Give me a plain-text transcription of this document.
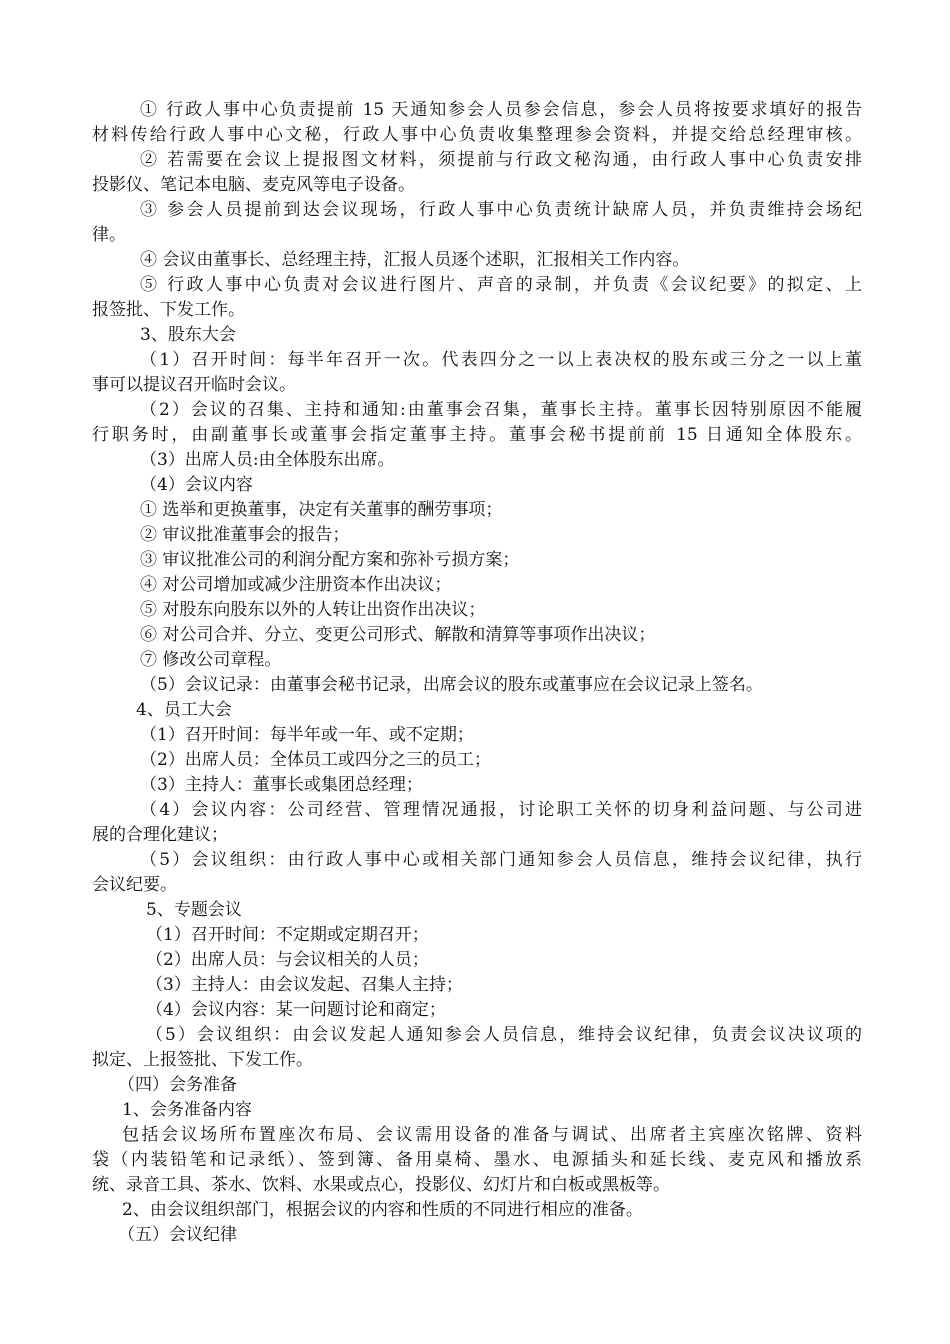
① 行政人事中心负责提前 15 天通知参会人员参会信息，参会人员将按要求填好的报告
材料传给行政人事中心文秘，行政人事中心负责收集整理参会资料，并提交给总经理审核。
② 若需要在会议上提报图文材料，须提前与行政文秘沟通，由行政人事中心负责安排
投影仪、笔记本电脑、麦克风等电子设备。
③ 参会人员提前到达会议现场，行政人事中心负责统计缺席人员，并负责维持会场纪
律。
④ 会议由董事长、总经理主持，汇报人员逐个述职，汇报相关工作内容。
⑤ 行政人事中心负责对会议进行图片、声音的录制，并负责《会议纪要》的拟定、上
报签批、下发工作。
3、股东大会
（1）召开时间：每半年召开一次。代表四分之一以上表决权的股东或三分之一以上董
事可以提议召开临时会议。
（2）会议的召集、主持和通知:由董事会召集，董事长主持。董事长因特别原因不能履
行职务时，由副董事长或董事会指定董事主持。董事会秘书提前前 15 日通知全体股东。
（3）出席人员:由全体股东出席。
（4）会议内容
① 选举和更换董事，决定有关董事的酬劳事项；
② 审议批准董事会的报告；
③ 审议批准公司的利润分配方案和弥补亏损方案；
④ 对公司增加或减少注册资本作出决议；
⑤ 对股东向股东以外的人转让出资作出决议；
⑥ 对公司合并、分立、变更公司形式、解散和清算等事项作出决议；
⑦ 修改公司章程。
（5）会议记录：由董事会秘书记录，出席会议的股东或董事应在会议记录上签名。
4、员工大会
（1）召开时间：每半年或一年、或不定期；
（2）出席人员：全体员工或四分之三的员工；
（3）主持人：董事长或集团总经理；
（4）会议内容：公司经营、管理情况通报，讨论职工关怀的切身利益问题、与公司进
展的合理化建议；
（5）会议组织：由行政人事中心或相关部门通知参会人员信息，维持会议纪律，执行
会议纪要。
5、专题会议
（1）召开时间：不定期或定期召开；
（2）出席人员：与会议相关的人员；
（3）主持人：由会议发起、召集人主持；
（4）会议内容：某一问题讨论和商定；
（5）会议组织：由会议发起人通知参会人员信息，维持会议纪律，负责会议决议项的
拟定、上报签批、下发工作。
（四）会务准备
1、会务准备内容
包括会议场所布置座次布局、会议需用设备的准备与调试、出席者主宾座次铭牌、资料
袋（内装铅笔和记录纸）、签到簿、备用桌椅、墨水、电源插头和延长线、麦克风和播放系
统、录音工具、茶水、饮料、水果或点心，投影仪、幻灯片和白板或黑板等。
2、由会议组织部门，根据会议的内容和性质的不同进行相应的准备。
（五）会议纪律
